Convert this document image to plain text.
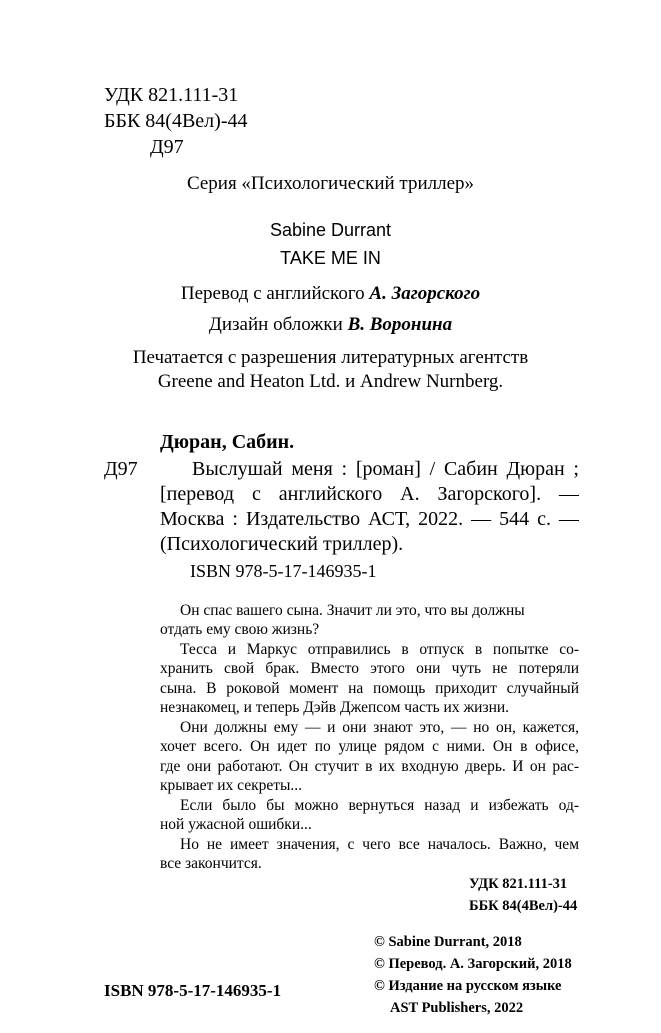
УДК 821.111-31
ББК 84(4Вел)-44
Д97
Серия «Психологический триллер»
Sabine Durrant
TAKE ME IN
Перевод с английского А. Загорского
Дизайн обложки В. Воронина
Печатается с разрешения литературных агентств
Greene and Heaton Ltd. и Andrew Nurnberg.
Дюран, Сабин.
Д97	Выслушай меня : [роман] / Сабин Дюран ;
[перевод с английского А. Загорского]. —
Москва : Издательство АСТ, 2022. — 544 с. —
(Психологический триллер).
ISBN 978-5-17-146935-1
Он спас вашего сына. Значит ли это, что вы должны
отдать ему свою жизнь?
Тесса и Маркус отправились в отпуск в попытке со-
хранить свой брак. Вместо этого они чуть не потеряли
сына. В роковой момент на помощь приходит случайный
незнакомец, и теперь Дэйв Джепсом часть их жизни.
Они должны ему — и они знают это, — но он, кажется,
хочет всего. Он идет по улице рядом с ними. Он в офисе,
где они работают. Он стучит в их входную дверь. И он рас-
крывает их секреты...
Если было бы можно вернуться назад и избежать од-
ной ужасной ошибки...
Но не имеет значения, с чего все началось. Важно, чем
все закончится.
УДК 821.111-31
ББК 84(4Вел)-44
© Sabine Durrant, 2018
© Перевод. А. Загорский, 2018
© Издание на русском языке
AST Publishers, 2022
ISBN 978-5-17-146935-1
